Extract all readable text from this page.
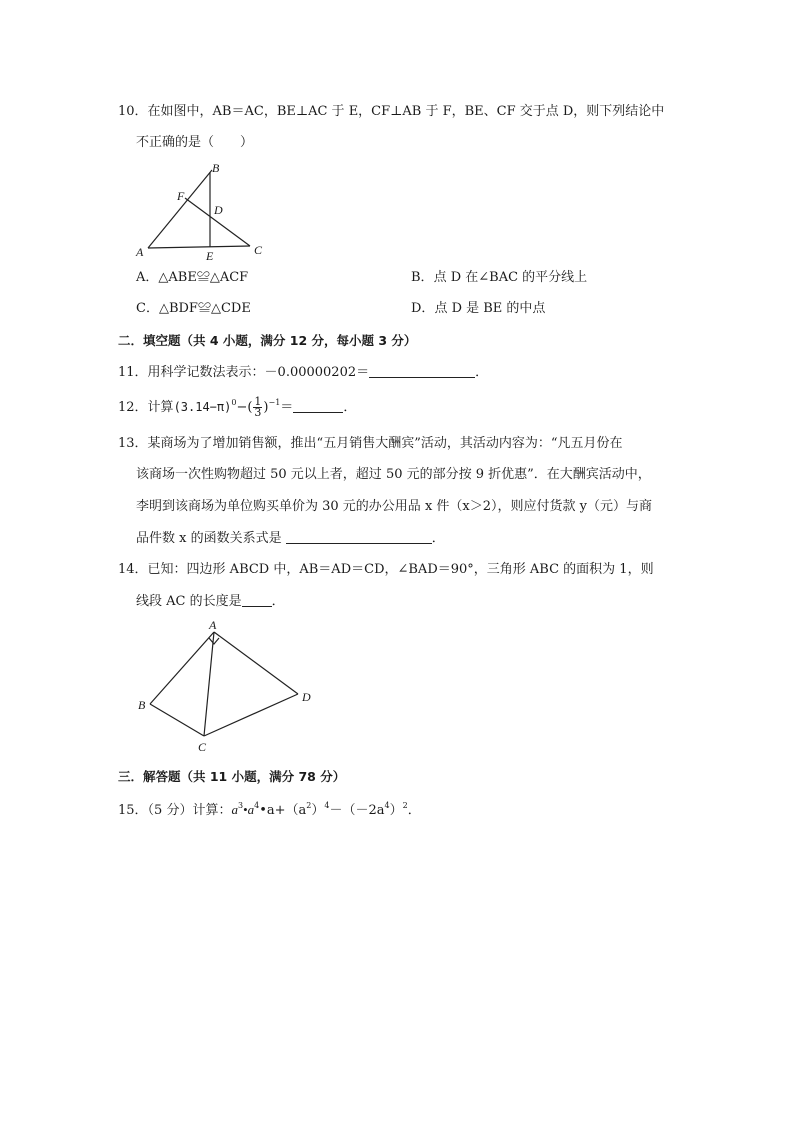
10．在如图中，AB＝AC，BE⊥AC 于 E，CF⊥AB 于 F，BE、CF 交于点 D，则下列结论中
不正确的是（　　）
B
F
D
A	E	C
A．△ABE≌△ACF	B．点 D 在∠BAC 的平分线上
C．△BDF≌△CDE	D．点 D 是 BE 的中点
二．填空题（共 4 小题，满分 12 分，每小题 3 分）
11．用科学记数法表示：－0.00000202＝	．
12．计算$(3.14-\pi)^0-( \frac{1}{3} )^{-1}=$	．
13．某商场为了增加销售额，推出“五月销售大酬宾”活动，其活动内容为：“凡五月份在
该商场一次性购物超过 50 元以上者，超过 50 元的部分按 9 折优惠”．在大酬宾活动中，
李明到该商场为单位购买单价为 30 元的办公用品 x 件（x＞2），则应付货款 y（元）与商
品件数 x 的函数关系式是	．
14．已知：四边形 ABCD 中，AB＝AD＝CD，∠BAD＝90°，三角形 ABC 的面积为 1，则
线段 AC 的长度是 ．
A
B
C
D
三．解答题（共 11 小题，满分 78 分）
15．（5 分）计算：$a^3•a^4•a+(a^2)^4-(-2a^4)^2$．
